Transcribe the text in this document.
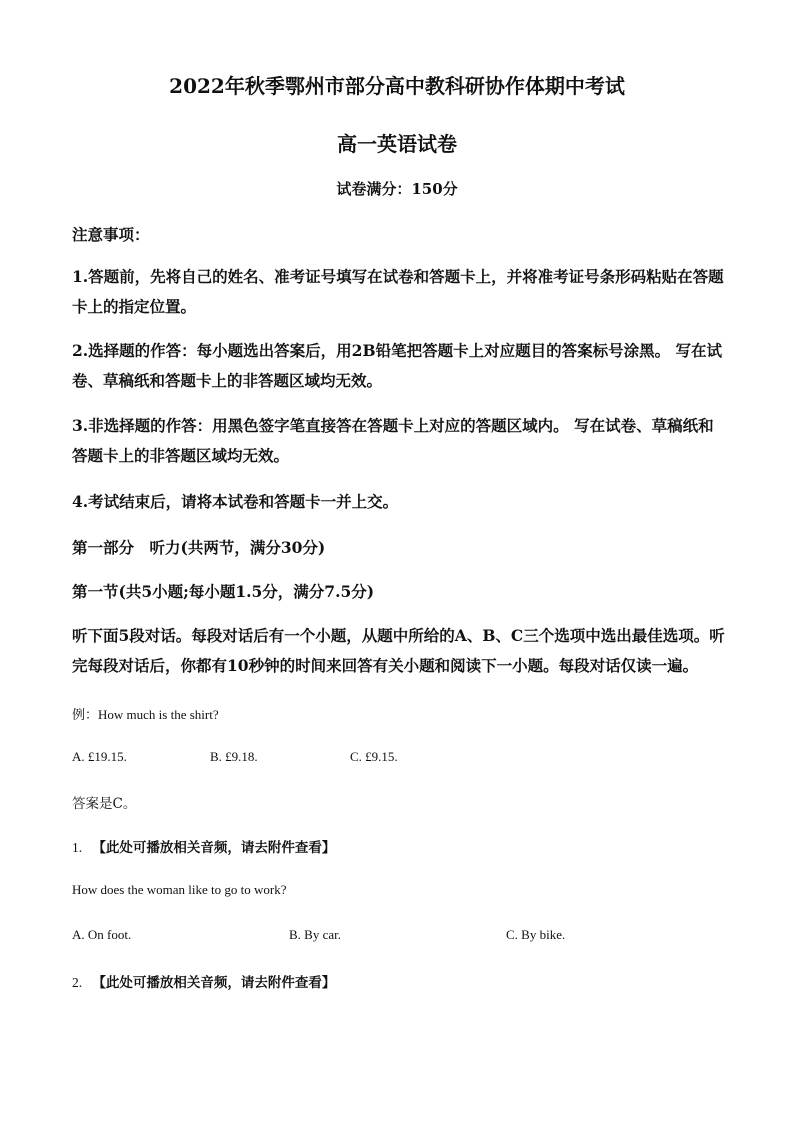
2022年秋季鄂州市部分高中教科研协作体期中考试
高一英语试卷
试卷满分：150分
注意事项：
1.答题前，先将自己的姓名、准考证号填写在试卷和答题卡上，并将准考证号条形码粘贴在答题卡上的指定位置。
2.选择题的作答：每小题选出答案后，用2B铅笔把答题卡上对应题目的答案标号涂黑。 写在试卷、草稿纸和答题卡上的非答题区域均无效。
3.非选择题的作答：用黑色签字笔直接答在答题卡上对应的答题区域内。 写在试卷、草稿纸和答题卡上的非答题区域均无效。
4.考试结束后，请将本试卷和答题卡一并上交。
第一部分　听力(共两节，满分30分)
第一节(共5小题;每小题1.5分，满分7.5分)
听下面5段对话。每段对话后有一个小题，从题中所给的A、B、C三个选项中选出最佳选项。听完每段对话后，你都有10秒钟的时间来回答有关小题和阅读下一小题。每段对话仅读一遍。
例：How much is the shirt?
A. £19.15.	B. £9.18.	C. £9.15.
答案是C。
1. 【此处可播放相关音频，请去附件查看】
How does the woman like to go to work?
A. On foot.	B. By car.	C. By bike.
2. 【此处可播放相关音频，请去附件查看】
